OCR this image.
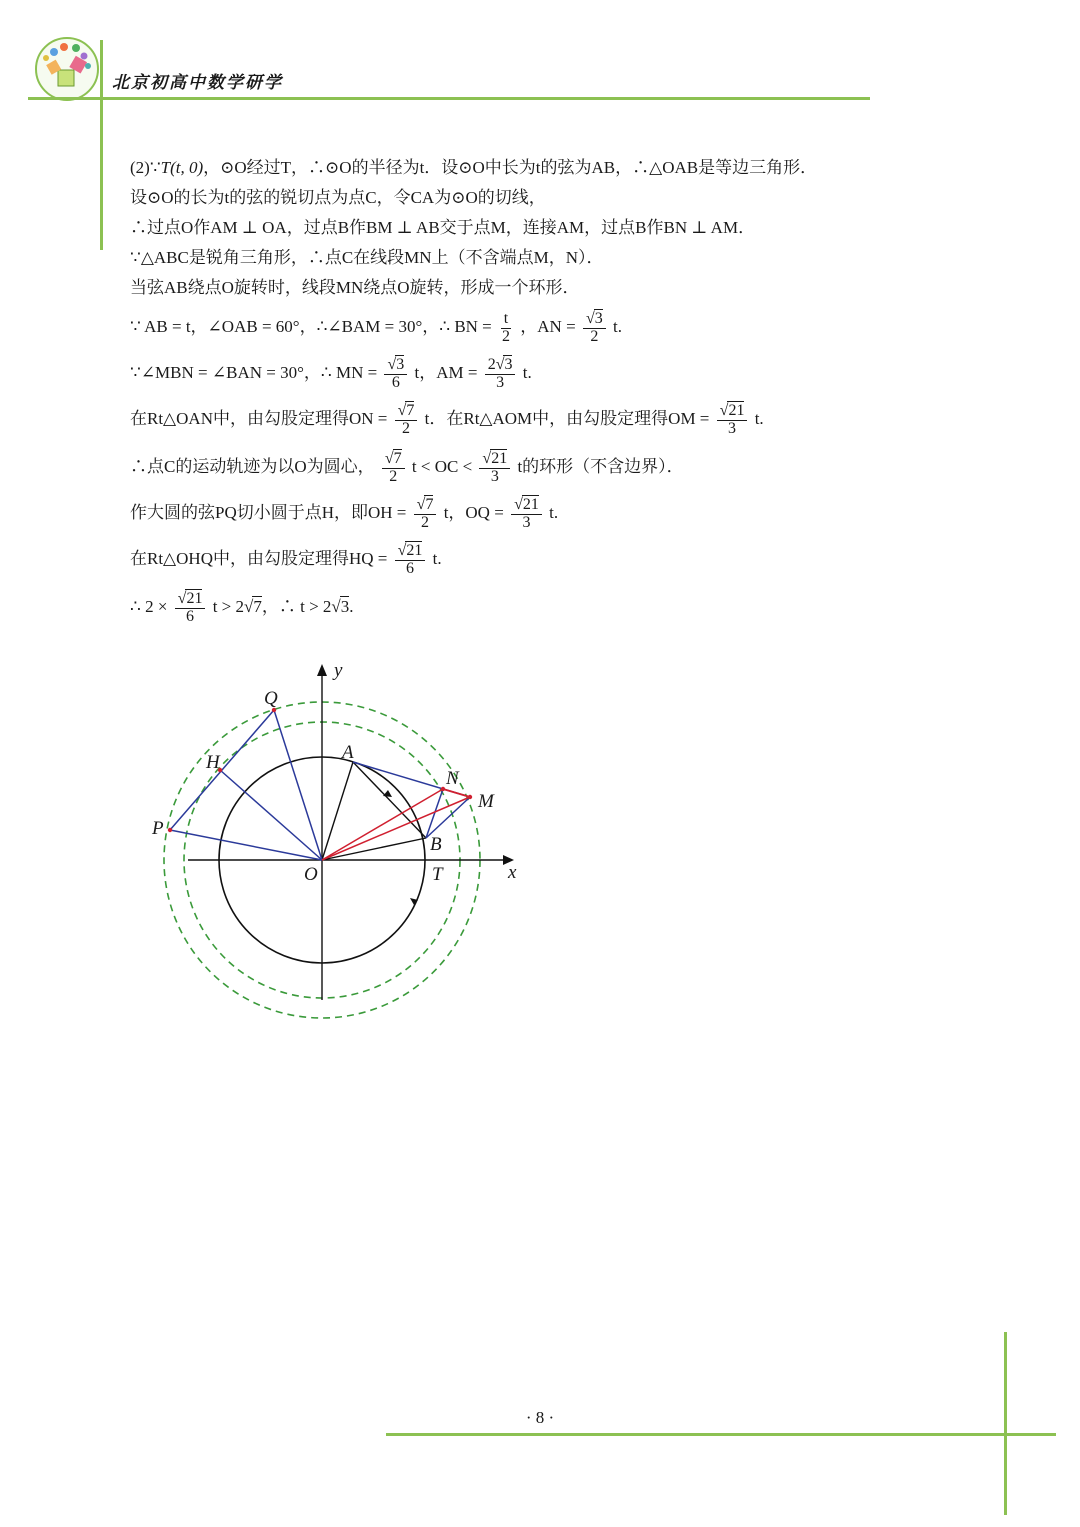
北京初高中数学研学
(2)∵T(t, 0)，⊙O经过T，∴⊙O的半径为t．设⊙O中长为t的弦为AB，∴△OAB是等边三角形．
设⊙O的长为t的弦的锐切点为点C，令CA为⊙O的切线，
∴过点O作AM ⊥ OA，过点B作BM ⊥ AB交于点M，连接AM，过点B作BN ⊥ AM．
∵△ABC是锐角三角形，∴点C在线段MN上（不含端点M，N）．
当弦AB绕点O旋转时，线段MN绕点O旋转，形成一个环形．
∵ AB = t，∠OAB = 60°，∴∠BAM = 30°，∴ BN = $\frac{t}{2}$ ，AN = $\frac{√3}{2} t$.
∵∠MBN = ∠BAN = 30°，∴ MN = $\frac{√3}{6}$ t，AM = $\frac{2√3}{3} t$.
在Rt△OAN中，由勾股定理得ON = $\frac{√7}{2}$ t．在Rt△AOM中，由勾股定理得OM = $\frac{√21}{3} t$.
∴点C的运动轨迹为以O为圆心， $\frac{√7}{2}$ t < OC < $\frac{√21}{3}$ t的环形（不含边界）．
作大圆的弦PQ切小圆于点H，即OH = $\frac{√7}{2}$ t，OQ = $\frac{√21}{3} t$.
在Rt△OHQ中，由勾股定理得HQ = $\frac{√21}{6} t$.
∴ $2 \times \frac{√21}{6}$ t > 2√7，∴ t > 2√3.
y
x
O	T
A
B
N
M
Q
H
P
· 8 ·
